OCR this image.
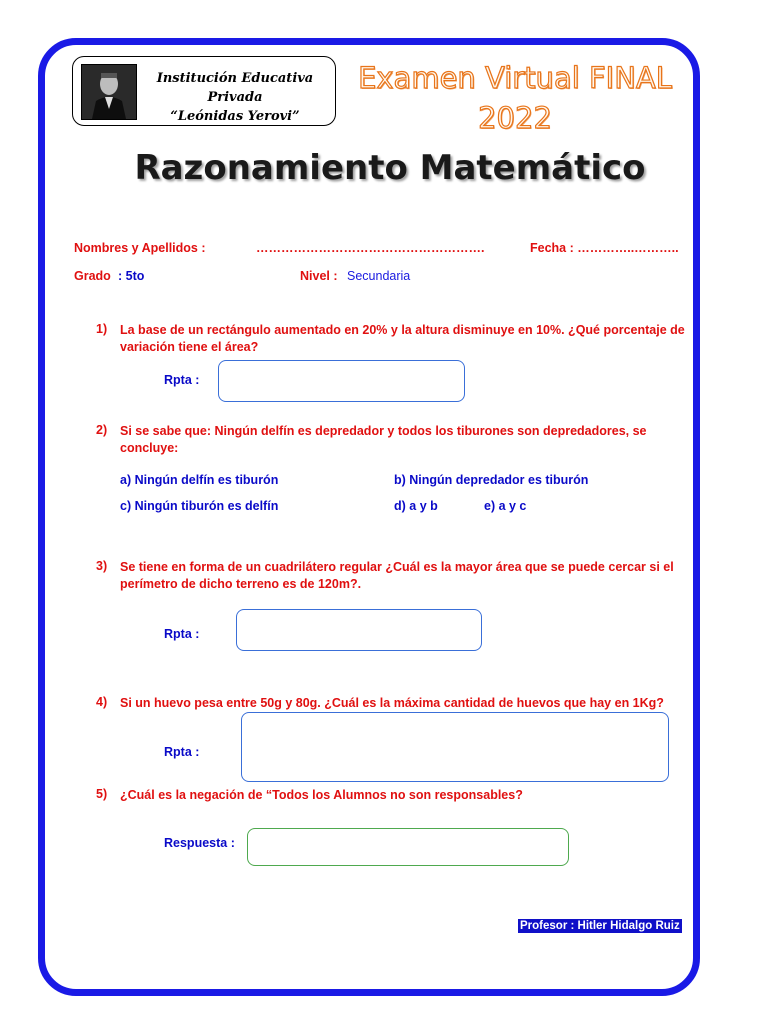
Institución Educativa Privada
“Leónidas Yerovi”
Examen Virtual FINAL
2022
Razonamiento Matemático
Nombres y Apellidos :	……………………………………………….	Fecha : …………..………..
Grado : 5to	Nivel : Secundaria
1) La base de un rectángulo aumentado en 20% y la altura disminuye en 10%. ¿Qué porcentaje de variación tiene el área?
Rpta :
2) Si se sabe que: Ningún delfín es depredador y todos los tiburones son depredadores, se concluye:
a) Ningún delfín es tiburón	b) Ningún depredador es tiburón
c) Ningún tiburón es delfín	d) a y b	e) a y c
3) Se tiene en forma de un cuadrilátero regular ¿Cuál es la mayor área que se puede cercar si el perímetro de dicho terreno es de 120m?.
Rpta :
4) Si un huevo pesa entre 50g y 80g. ¿Cuál es la máxima cantidad de huevos que hay en 1Kg?
Rpta :
5) ¿Cuál es la negación de “Todos los Alumnos no son responsables?
Respuesta :
Profesor : Hitler Hidalgo Ruiz
